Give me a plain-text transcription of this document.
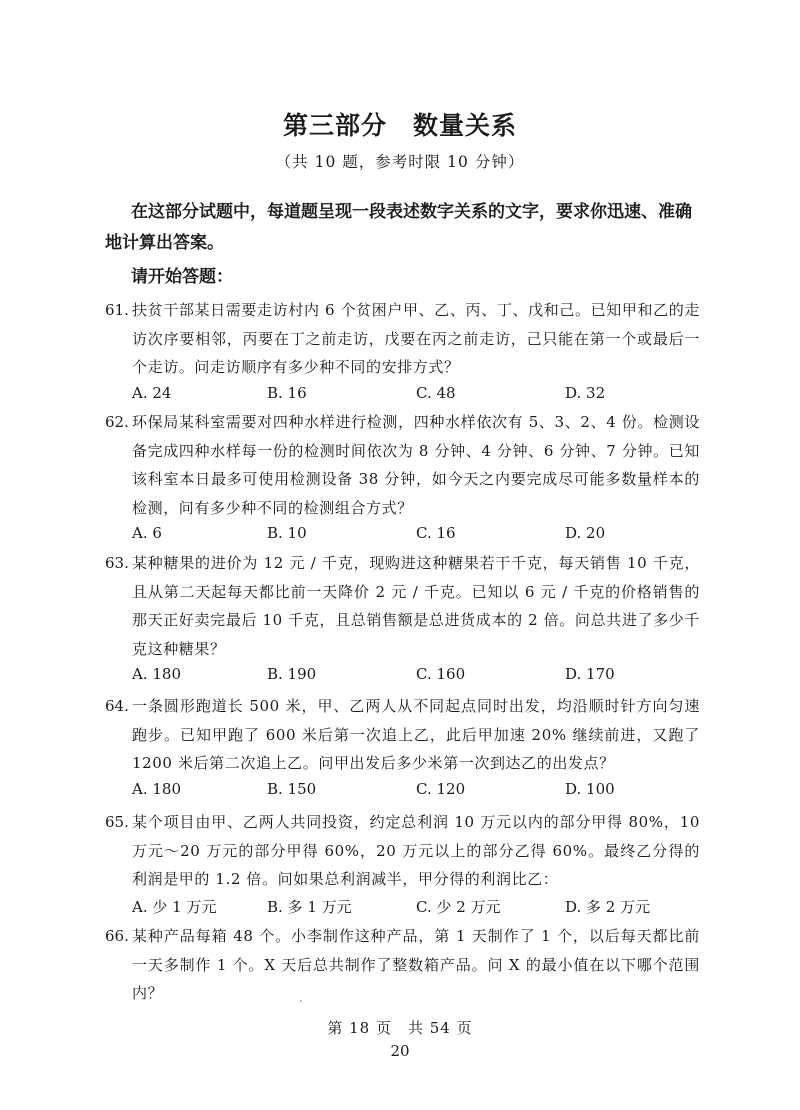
第三部分　数量关系
（共 10 题，参考时限 10 分钟）
在这部分试题中，每道题呈现一段表述数字关系的文字，要求你迅速、准确地计算出答案。
请开始答题：
61. 扶贫干部某日需要走访村内 6 个贫困户甲、乙、丙、丁、戊和己。已知甲和乙的走访次序要相邻，丙要在丁之前走访，戊要在丙之前走访，己只能在第一个或最后一个走访。问走访顺序有多少种不同的安排方式？
A. 24	B. 16	C. 48	D. 32
62. 环保局某科室需要对四种水样进行检测，四种水样依次有 5、3、2、4 份。检测设备完成四种水样每一份的检测时间依次为 8 分钟、4 分钟、6 分钟、7 分钟。已知该科室本日最多可使用检测设备 38 分钟，如今天之内要完成尽可能多数量样本的检测，问有多少种不同的检测组合方式？
A. 6	B. 10	C. 16	D. 20
63. 某种糖果的进价为 12 元 / 千克，现购进这种糖果若干千克，每天销售 10 千克，且从第二天起每天都比前一天降价 2 元 / 千克。已知以 6 元 / 千克的价格销售的那天正好卖完最后 10 千克，且总销售额是总进货成本的 2 倍。问总共进了多少千克这种糖果？
A. 180	B. 190	C. 160	D. 170
64. 一条圆形跑道长 500 米，甲、乙两人从不同起点同时出发，均沿顺时针方向匀速跑步。已知甲跑了 600 米后第一次追上乙，此后甲加速 20% 继续前进，又跑了 1200 米后第二次追上乙。问甲出发后多少米第一次到达乙的出发点？
A. 180	B. 150	C. 120	D. 100
65. 某个项目由甲、乙两人共同投资，约定总利润 10 万元以内的部分甲得 80%，10 万元～20 万元的部分甲得 60%，20 万元以上的部分乙得 60%。最终乙分得的利润是甲的 1.2 倍。问如果总利润减半，甲分得的利润比乙：
A. 少 1 万元	B. 多 1 万元	C. 少 2 万元	D. 多 2 万元
66. 某种产品每箱 48 个。小李制作这种产品，第 1 天制作了 1 个，以后每天都比前一天多制作 1 个。X 天后总共制作了整数箱产品。问 X 的最小值在以下哪个范围内？
第 18 页　共 54 页
20
